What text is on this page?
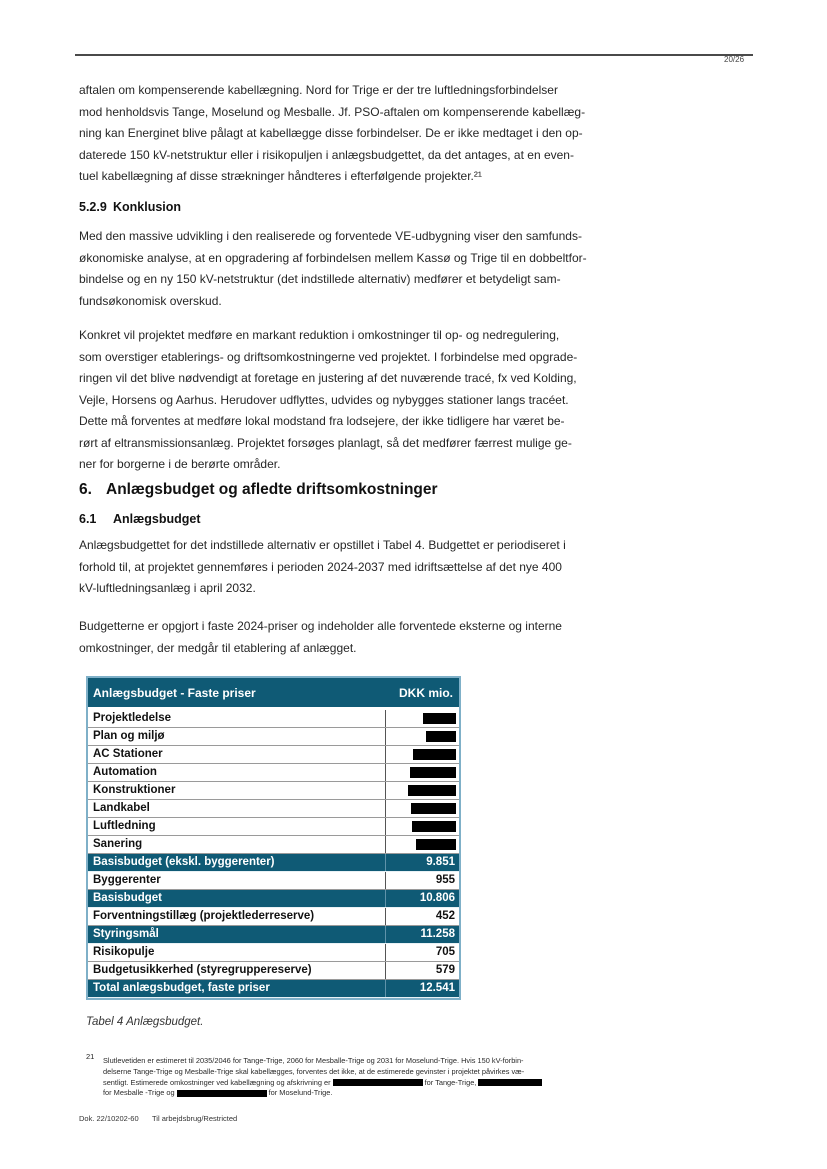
20/26
aftalen om kompenserende kabellægning. Nord for Trige er der tre luftledningsforbindelser
mod henholdsvis Tange, Moselund og Mesballe. Jf. PSO-aftalen om kompenserende kabellæg-
ning kan Energinet blive pålagt at kabellægge disse forbindelser. De er ikke medtaget i den op-
daterede 150 kV-netstruktur eller i risikopuljen i anlægsbudgettet, da det antages, at en even-
tuel kabellægning af disse strækninger håndteres i efterfølgende projekter.²¹
5.2.9 Konklusion
Med den massive udvikling i den realiserede og forventede VE-udbygning viser den samfunds-
økonomiske analyse, at en opgradering af forbindelsen mellem Kassø og Trige til en dobbeltfor-
bindelse og en ny 150 kV-netstruktur (det indstillede alternativ) medfører et betydeligt sam-
fundsøkonomisk overskud.
Konkret vil projektet medføre en markant reduktion i omkostninger til op- og nedregulering,
som overstiger etablerings- og driftsomkostningerne ved projektet. I forbindelse med opgrade-
ringen vil det blive nødvendigt at foretage en justering af det nuværende tracé, fx ved Kolding,
Vejle, Horsens og Aarhus. Herudover udflyttes, udvides og nybygges stationer langs tracéet.
Dette må forventes at medføre lokal modstand fra lodsejere, der ikke tidligere har været be-
rørt af eltransmissionsanlæg. Projektet forsøges planlagt, så det medfører færrest mulige ge-
ner for borgerne i de berørte områder.
6. Anlægsbudget og afledte driftsomkostninger
6.1 Anlægsbudget
Anlægsbudgettet for det indstillede alternativ er opstillet i Tabel 4. Budgettet er periodiseret i
forhold til, at projektet gennemføres i perioden 2024-2037 med idriftsættelse af det nye 400
kV-luftledningsanlæg i april 2032.
Budgetterne er opgjort i faste 2024-priser og indeholder alle forventede eksterne og interne
omkostninger, der medgår til etablering af anlægget.
Anlægsbudget - Faste priser	DKK mio.
Projektledelse
Plan og miljø
AC Stationer
Automation
Konstruktioner
Landkabel
Luftledning
Sanering
Basisbudget (ekskl. byggerenter)	9.851
Byggerenter	955
Basisbudget	10.806
Forventningstillæg (projektlederreserve)	452
Styringsmål	11.258
Risikopulje	705
Budgetusikkerhed (styregruppereserve)	579
Total anlægsbudget, faste priser	12.541
Tabel 4 Anlægsbudget.
21 Slutlevetiden er estimeret til 2035/2046 for Tange-Trige, 2060 for Mesballe-Trige og 2031 for Moselund-Trige. Hvis 150 kV-forbin-
delserne Tange-Trige og Mesballe-Trige skal kabellægges, forventes det ikke, at de estimerede gevinster i projektet påvirkes væ-
sentligt. Estimerede omkostninger ved kabellægning og afskrivning er	for Tange-Trige,
for Mesballe -Trige og	for Moselund-Trige.
Dok. 22/10202-60 Til arbejdsbrug/Restricted
